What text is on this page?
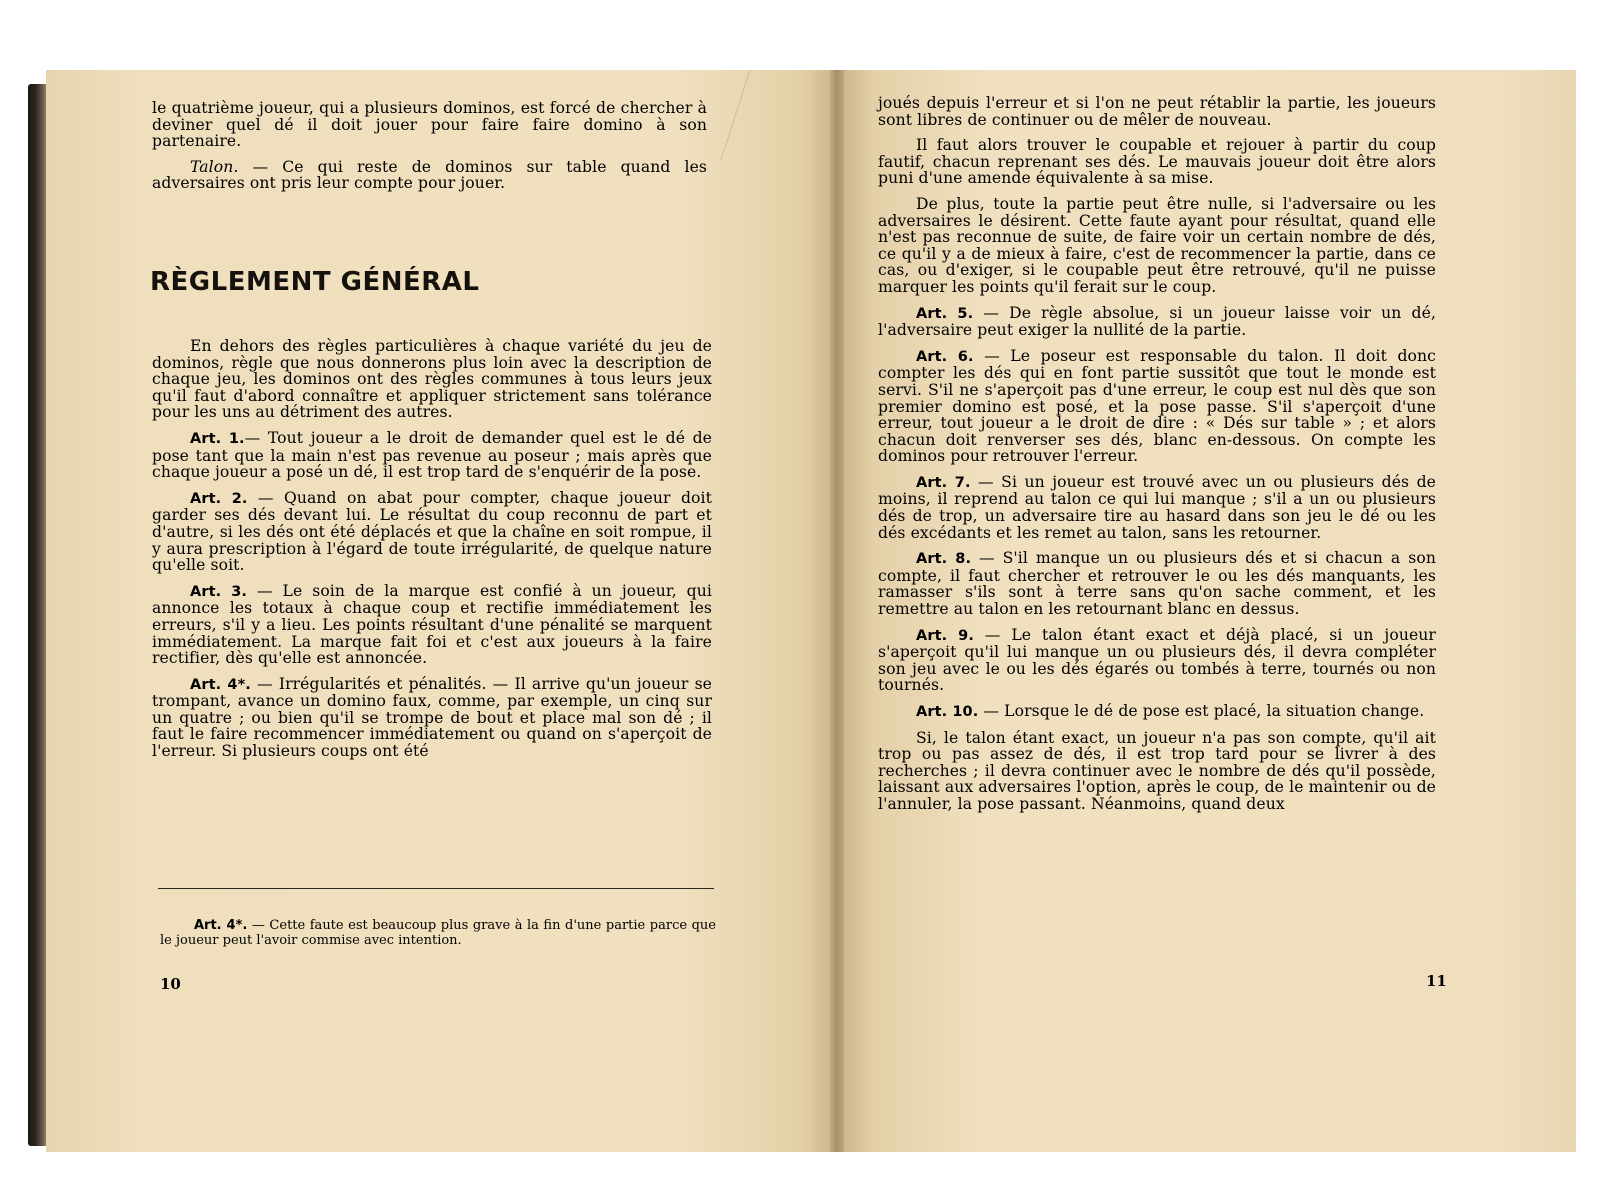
le quatrième joueur, qui a plusieurs dominos, est forcé de chercher à deviner quel dé il doit jouer pour faire faire domino à son partenaire.

Talon. — Ce qui reste de dominos sur table quand les adversaires ont pris leur compte pour jouer.

RÈGLEMENT GÉNÉRAL

En dehors des règles particulières à chaque variété du jeu de dominos, règle que nous donnerons plus loin avec la description de chaque jeu, les dominos ont des règles communes à tous leurs jeux qu'il faut d'abord connaître et appliquer strictement sans tolérance pour les uns au détriment des autres.

Art. 1.— Tout joueur a le droit de demander quel est le dé de pose tant que la main n'est pas revenue au poseur ; mais après que chaque joueur a posé un dé, il est trop tard de s'enquérir de la pose.

Art. 2. — Quand on abat pour compter, chaque joueur doit garder ses dés devant lui. Le résultat du coup reconnu de part et d'autre, si les dés ont été déplacés et que la chaîne en soit rompue, il y aura prescription à l'égard de toute irrégularité, de quelque nature qu'elle soit.

Art. 3. — Le soin de la marque est confié à un joueur, qui annonce les totaux à chaque coup et rectifie immédiatement les erreurs, s'il y a lieu. Les points résultant d'une pénalité se marquent immédiatement. La marque fait foi et c'est aux joueurs à la faire rectifier, dès qu'elle est annoncée.

Art. 4*. — Irrégularités et pénalités. — Il arrive qu'un joueur se trompant, avance un domino faux, comme, par exemple, un cinq sur un quatre ; ou bien qu'il se trompe de bout et place mal son dé ; il faut le faire recommencer immédiatement ou quand on s'aperçoit de l'erreur. Si plusieurs coups ont été

Art. 4*. — Cette faute est beaucoup plus grave à la fin d'une partie parce que le joueur peut l'avoir commise avec intention.

10

joués depuis l'erreur et si l'on ne peut rétablir la partie, les joueurs sont libres de continuer ou de mêler de nouveau.

Il faut alors trouver le coupable et rejouer à partir du coup fautif, chacun reprenant ses dés. Le mauvais joueur doit être alors puni d'une amende équivalente à sa mise.

De plus, toute la partie peut être nulle, si l'adversaire ou les adversaires le désirent. Cette faute ayant pour résultat, quand elle n'est pas reconnue de suite, de faire voir un certain nombre de dés, ce qu'il y a de mieux à faire, c'est de recommencer la partie, dans ce cas, ou d'exiger, si le coupable peut être retrouvé, qu'il ne puisse marquer les points qu'il ferait sur le coup.

Art. 5. — De règle absolue, si un joueur laisse voir un dé, l'adversaire peut exiger la nullité de la partie.

Art. 6. — Le poseur est responsable du talon. Il doit donc compter les dés qui en font partie sussitôt que tout le monde est servi. S'il ne s'aperçoit pas d'une erreur, le coup est nul dès que son premier domino est posé, et la pose passe. S'il s'aperçoit d'une erreur, tout joueur a le droit de dire : « Dés sur table » ; et alors chacun doit renverser ses dés, blanc en-dessous. On compte les dominos pour retrouver l'erreur.

Art. 7. — Si un joueur est trouvé avec un ou plusieurs dés de moins, il reprend au talon ce qui lui manque ; s'il a un ou plusieurs dés de trop, un adversaire tire au hasard dans son jeu le dé ou les dés excédants et les remet au talon, sans les retourner.

Art. 8. — S'il manque un ou plusieurs dés et si chacun a son compte, il faut chercher et retrouver le ou les dés manquants, les ramasser s'ils sont à terre sans qu'on sache comment, et les remettre au talon en les retournant blanc en dessus.

Art. 9. — Le talon étant exact et déjà placé, si un joueur s'aperçoit qu'il lui manque un ou plusieurs dés, il devra compléter son jeu avec le ou les dés égarés ou tombés à terre, tournés ou non tournés.

Art. 10. — Lorsque le dé de pose est placé, la situation change.

Si, le talon étant exact, un joueur n'a pas son compte, qu'il ait trop ou pas assez de dés, il est trop tard pour se livrer à des recherches ; il devra continuer avec le nombre de dés qu'il possède, laissant aux adversaires l'option, après le coup, de le maintenir ou de l'annuler, la pose passant. Néanmoins, quand deux

11
